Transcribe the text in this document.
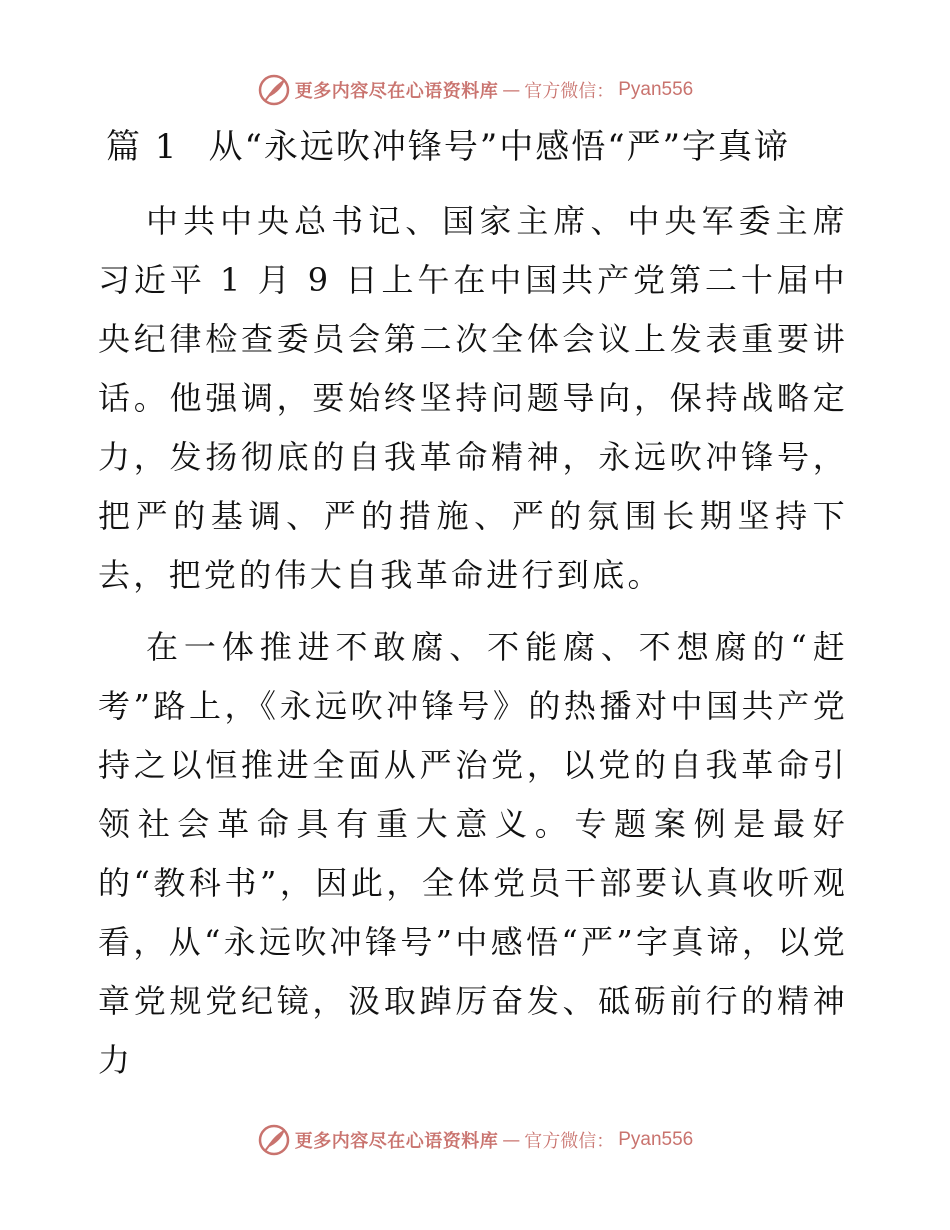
更多内容尽在心语资料库 — 官方微信： Pyan556
篇 1 从“永远吹冲锋号”中感悟“严”字真谛

中共中央总书记、国家主席、中央军委主席习近平 1 月 9 日上午在中国共产党第二十届中央纪律检查委员会第二次全体会议上发表重要讲话。他强调，要始终坚持问题导向，保持战略定力，发扬彻底的自我革命精神，永远吹冲锋号，把严的基调、严的措施、严的氛围长期坚持下去，把党的伟大自我革命进行到底。

在一体推进不敢腐、不能腐、不想腐的“赶考”路上，《永远吹冲锋号》的热播对中国共产党持之以恒推进全面从严治党，以党的自我革命引领社会革命具有重大意义。专题案例是最好的“教科书”，因此，全体党员干部要认真收听观看，从“永远吹冲锋号”中感悟“严”字真谛，以党章党规党纪镜，汲取踔厉奋发、砥砺前行的精神力

更多内容尽在心语资料库 — 官方微信： Pyan556
